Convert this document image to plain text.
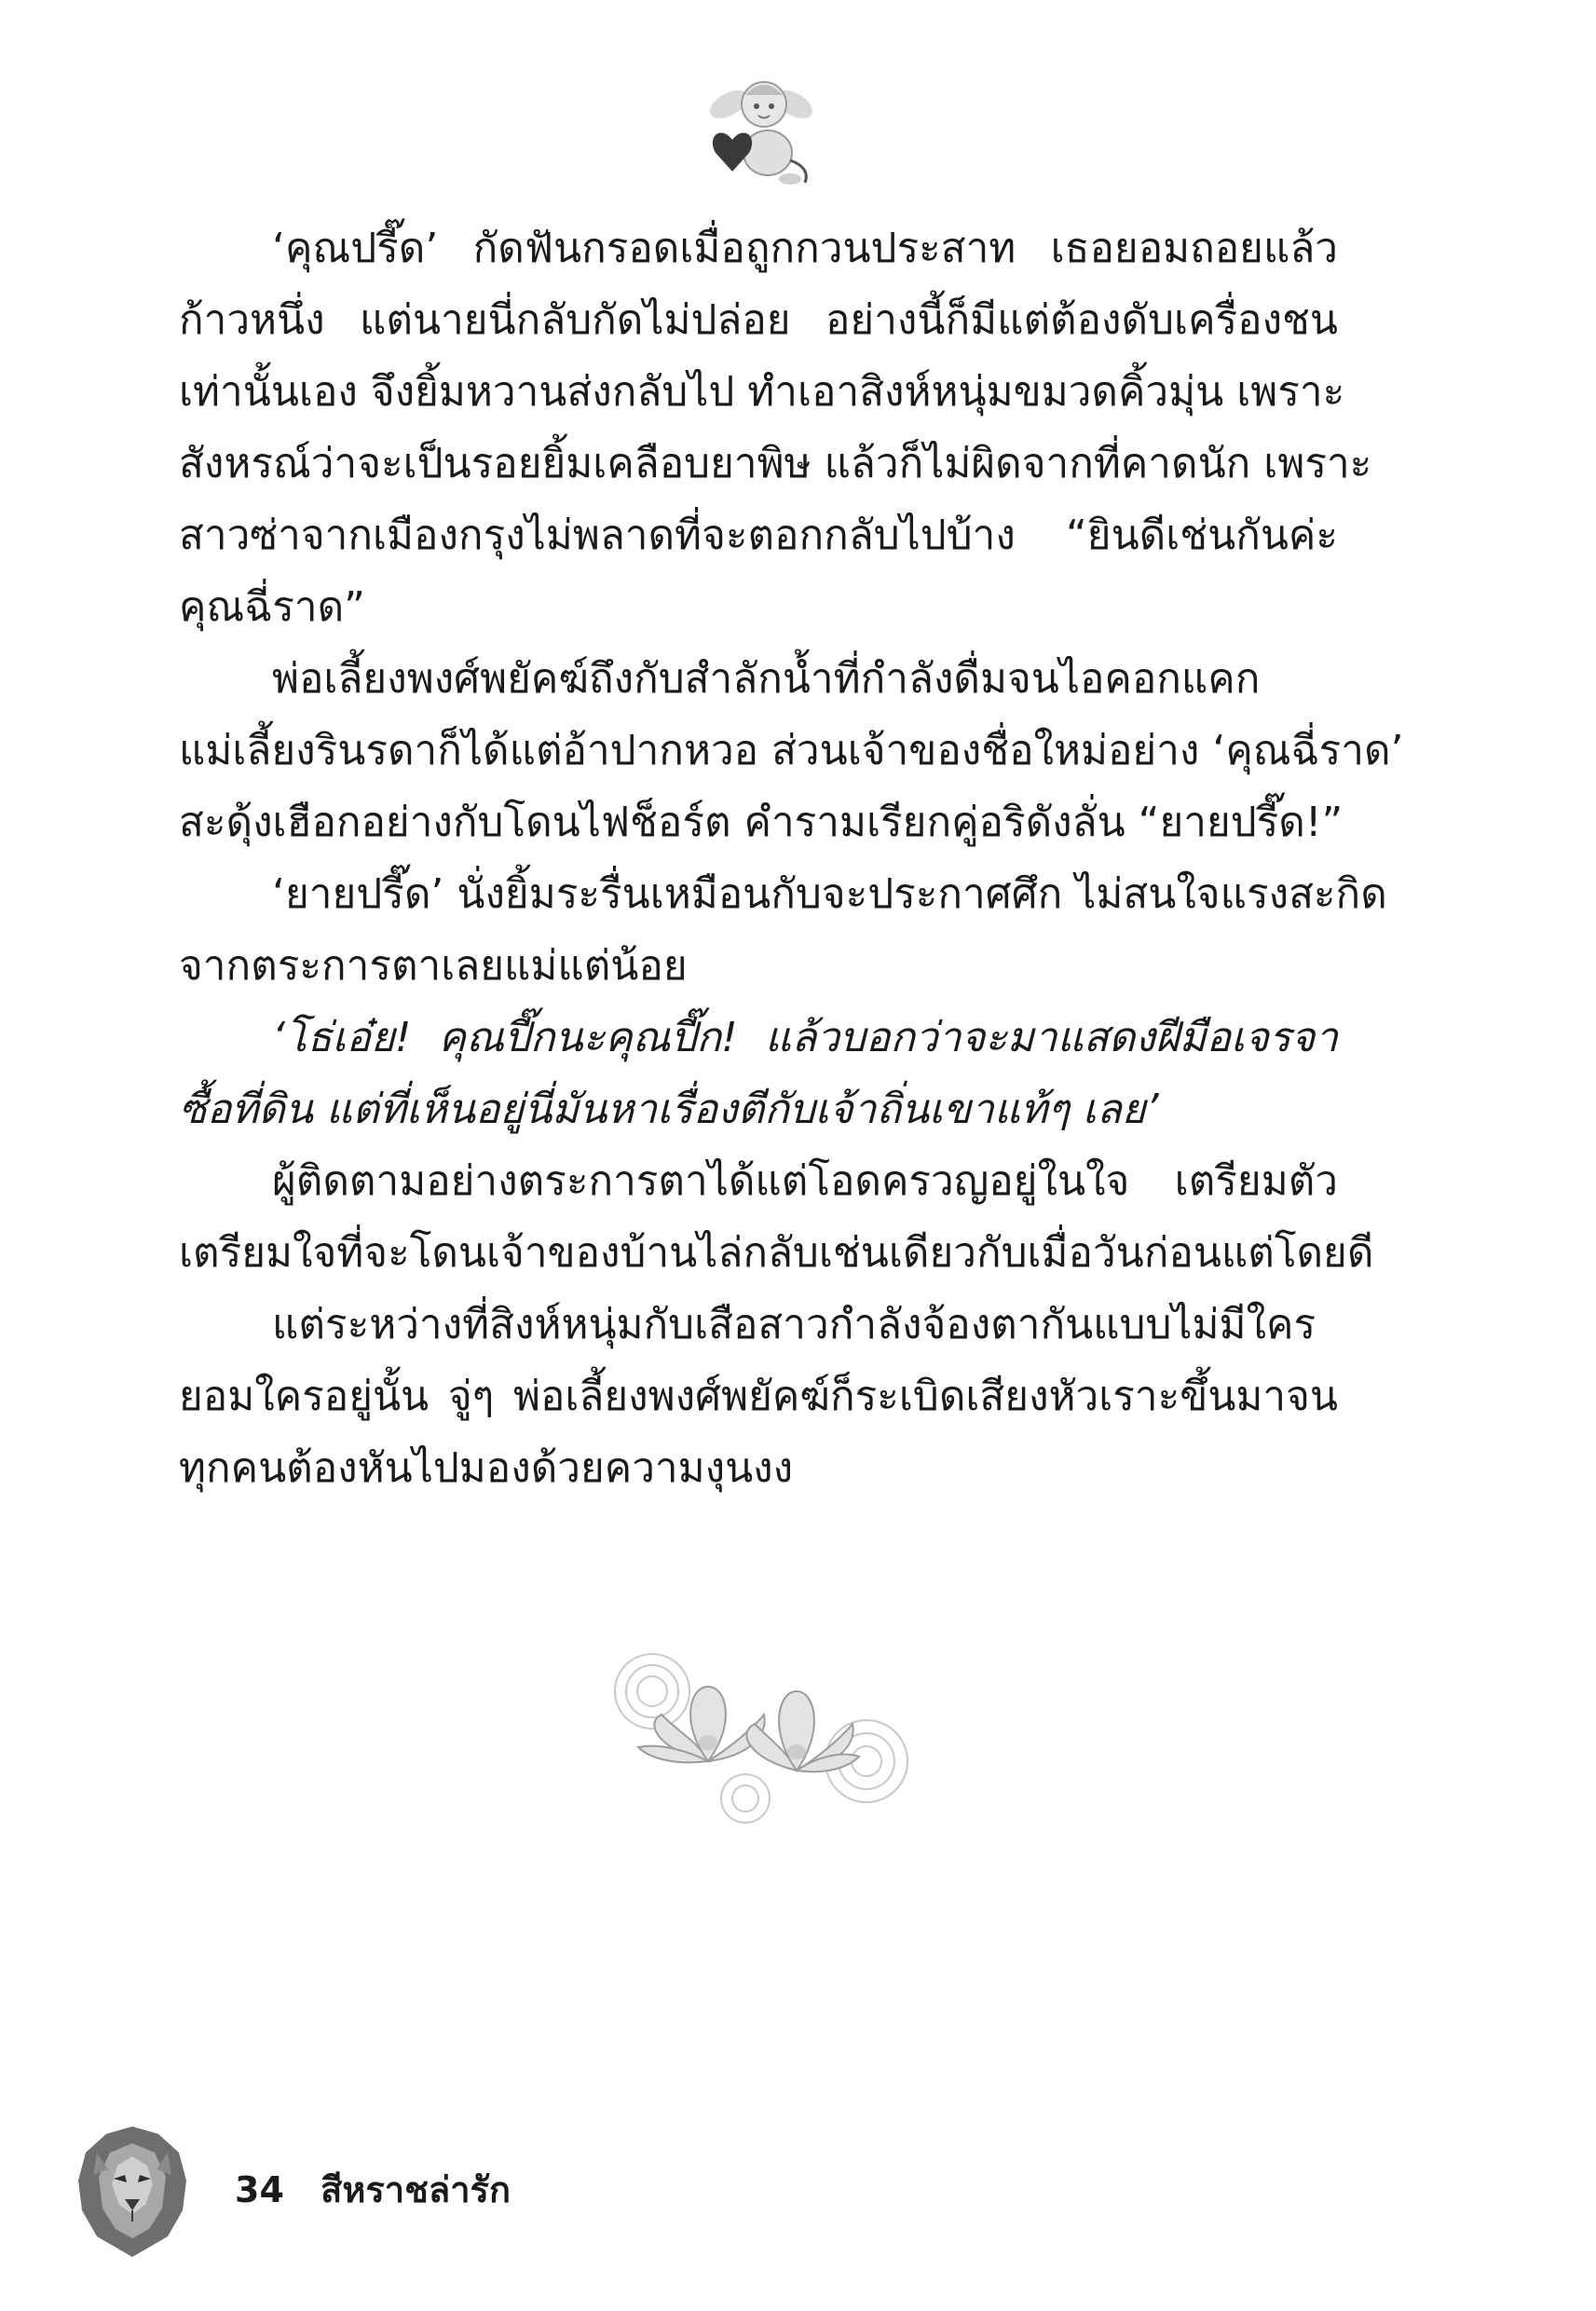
‘คุณปรี๊ด’ กัดฟันกรอดเมื่อถูกกวนประสาท เธอยอมถอยแล้ว
ก้าวหนึ่ง แต่นายนี่กลับกัดไม่ปล่อย อย่างนี้ก็มีแต่ต้องดับเครื่องชน
เท่านั้นเอง จึงยิ้มหวานส่งกลับไป ทำเอาสิงห์หนุ่มขมวดคิ้วมุ่น เพราะ
สังหรณ์ว่าจะเป็นรอยยิ้มเคลือบยาพิษ แล้วก็ไม่ผิดจากที่คาดนัก เพราะ
สาวซ่าจากเมืองกรุงไม่พลาดที่จะตอกกลับไปบ้าง “ยินดีเช่นกันค่ะ
คุณฉี่ราด”
พ่อเลี้ยงพงศ์พยัคฆ์ถึงกับสำลักน้ำที่กำลังดื่มจนไอคอกแคก
แม่เลี้ยงรินรดาก็ได้แต่อ้าปากหวอ ส่วนเจ้าของชื่อใหม่อย่าง ‘คุณฉี่ราด’
สะดุ้งเฮือกอย่างกับโดนไฟช็อร์ต คำรามเรียกคู่อริดังลั่น “ยายปรี๊ด!”
‘ยายปรี๊ด’ นั่งยิ้มระรื่นเหมือนกับจะประกาศศึก ไม่สนใจแรงสะกิด
จากตระการตาเลยแม่แต่น้อย
‘โธ่เอ๋ย! คุณปี๊กนะคุณปี๊ก! แล้วบอกว่าจะมาแสดงฝีมือเจรจา
ซื้อที่ดิน แต่ที่เห็นอยู่นี่มันหาเรื่องตีกับเจ้าถิ่นเขาแท้ๆ เลย’
ผู้ติดตามอย่างตระการตาได้แต่โอดครวญอยู่ในใจ เตรียมตัว
เตรียมใจที่จะโดนเจ้าของบ้านไล่กลับเช่นเดียวกับเมื่อวันก่อนแต่โดยดี
แต่ระหว่างที่สิงห์หนุ่มกับเสือสาวกำลังจ้องตากันแบบไม่มีใคร
ยอมใครอยู่นั้น จู่ๆ พ่อเลี้ยงพงศ์พยัคฆ์ก็ระเบิดเสียงหัวเราะขึ้นมาจน
ทุกคนต้องหันไปมองด้วยความงุนงง
34 สีหราชล่ารัก
